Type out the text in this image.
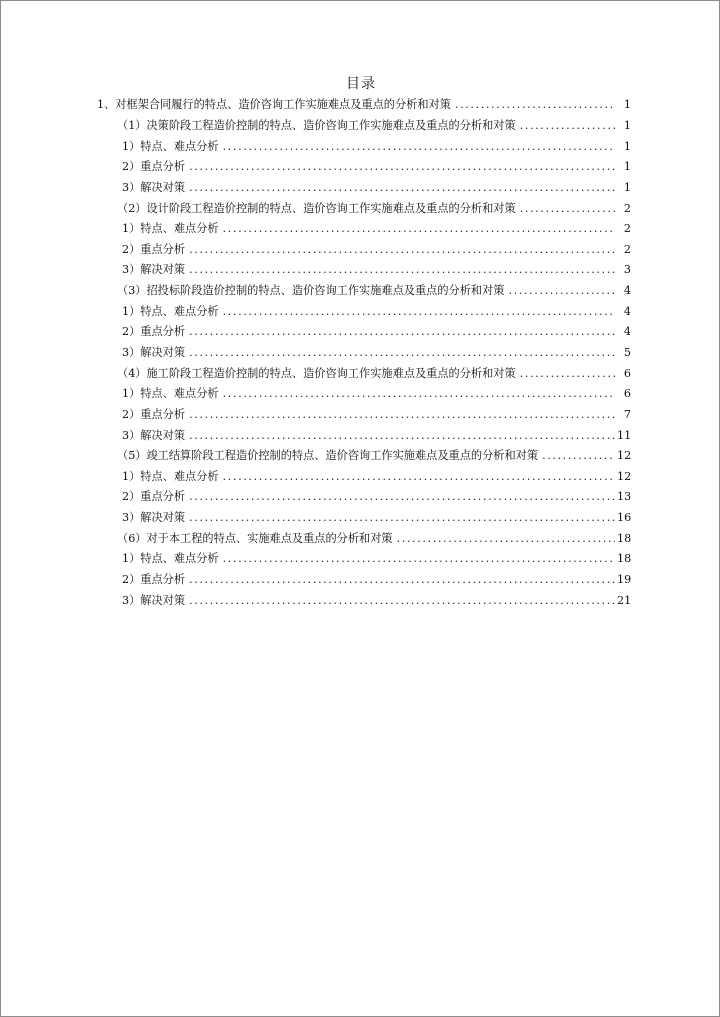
目录
1、对框架合同履行的特点、造价咨询工作实施难点及重点的分析和对策 .....	1
（1）决策阶段工程造价控制的特点、造价咨询工作实施难点及重点的分析和对策 .....	1
1）特点、难点分析 .....	1
2）重点分析 .....	1
3）解决对策 .....	1
（2）设计阶段工程造价控制的特点、造价咨询工作实施难点及重点的分析和对策 .....	2
1）特点、难点分析 .....	2
2）重点分析 .....	2
3）解决对策 .....	3
（3）招投标阶段造价控制的特点、造价咨询工作实施难点及重点的分析和对策 .....	4
1）特点、难点分析 .....	4
2）重点分析 .....	4
3）解决对策 .....	5
（4）施工阶段工程造价控制的特点、造价咨询工作实施难点及重点的分析和对策 .....	6
1）特点、难点分析 .....	6
2）重点分析 .....	7
3）解决对策 .....	11
（5）竣工结算阶段工程造价控制的特点、造价咨询工作实施难点及重点的分析和对策 .....	12
1）特点、难点分析 .....	12
2）重点分析 .....	13
3）解决对策 .....	16
（6）对于本工程的特点、实施难点及重点的分析和对策 .....	18
1）特点、难点分析 .....	18
2）重点分析 .....	19
3）解决对策 .....	21
